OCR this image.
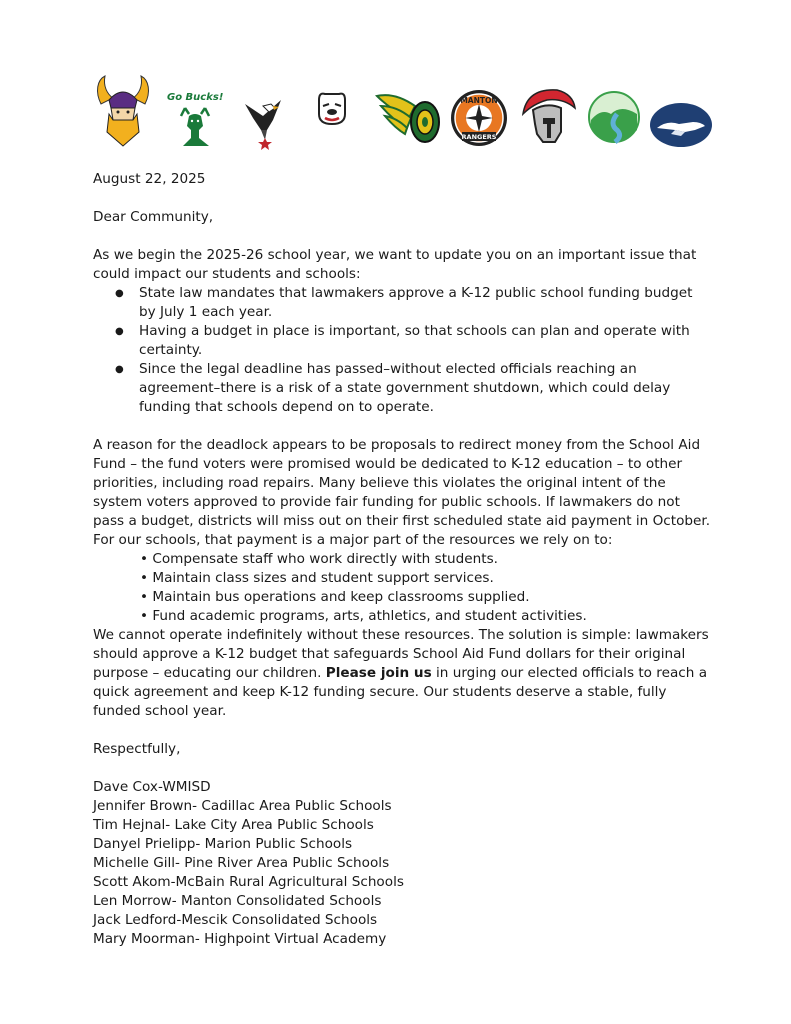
Go Bucks!	MANTON
RANGERS

August 22, 2025

Dear Community,

As we begin the 2025-26 school year, we want to update you on an important issue that could impact our students and schools:

● State law mandates that lawmakers approve a K-12 public school funding budget by July 1 each year.
● Having a budget in place is important, so that schools can plan and operate with certainty.
● Since the legal deadline has passed–without elected officials reaching an agreement–there is a risk of a state government shutdown, which could delay funding that schools depend on to operate.

A reason for the deadlock appears to be proposals to redirect money from the School Aid Fund – the fund voters were promised would be dedicated to K-12 education – to other priorities, including road repairs. Many believe this violates the original intent of the system voters approved to provide fair funding for public schools. If lawmakers do not pass a budget, districts will miss out on their first scheduled state aid payment in October. For our schools, that payment is a major part of the resources we rely on to:

• Compensate staff who work directly with students.
• Maintain class sizes and student support services.
• Maintain bus operations and keep classrooms supplied.
• Fund academic programs, arts, athletics, and student activities.

We cannot operate indefinitely without these resources. The solution is simple: lawmakers should approve a K-12 budget that safeguards School Aid Fund dollars for their original purpose – educating our children. Please join us in urging our elected officials to reach a quick agreement and keep K-12 funding secure. Our students deserve a stable, fully funded school year.

Respectfully,

Dave Cox-WMISD

Jennifer Brown- Cadillac Area Public Schools

Tim Hejnal- Lake City Area Public Schools

Danyel Prielipp- Marion Public Schools

Michelle Gill- Pine River Area Public Schools

Scott Akom-McBain Rural Agricultural Schools

Len Morrow- Manton Consolidated Schools

Jack Ledford-Mescik Consolidated Schools

Mary Moorman- Highpoint Virtual Academy
